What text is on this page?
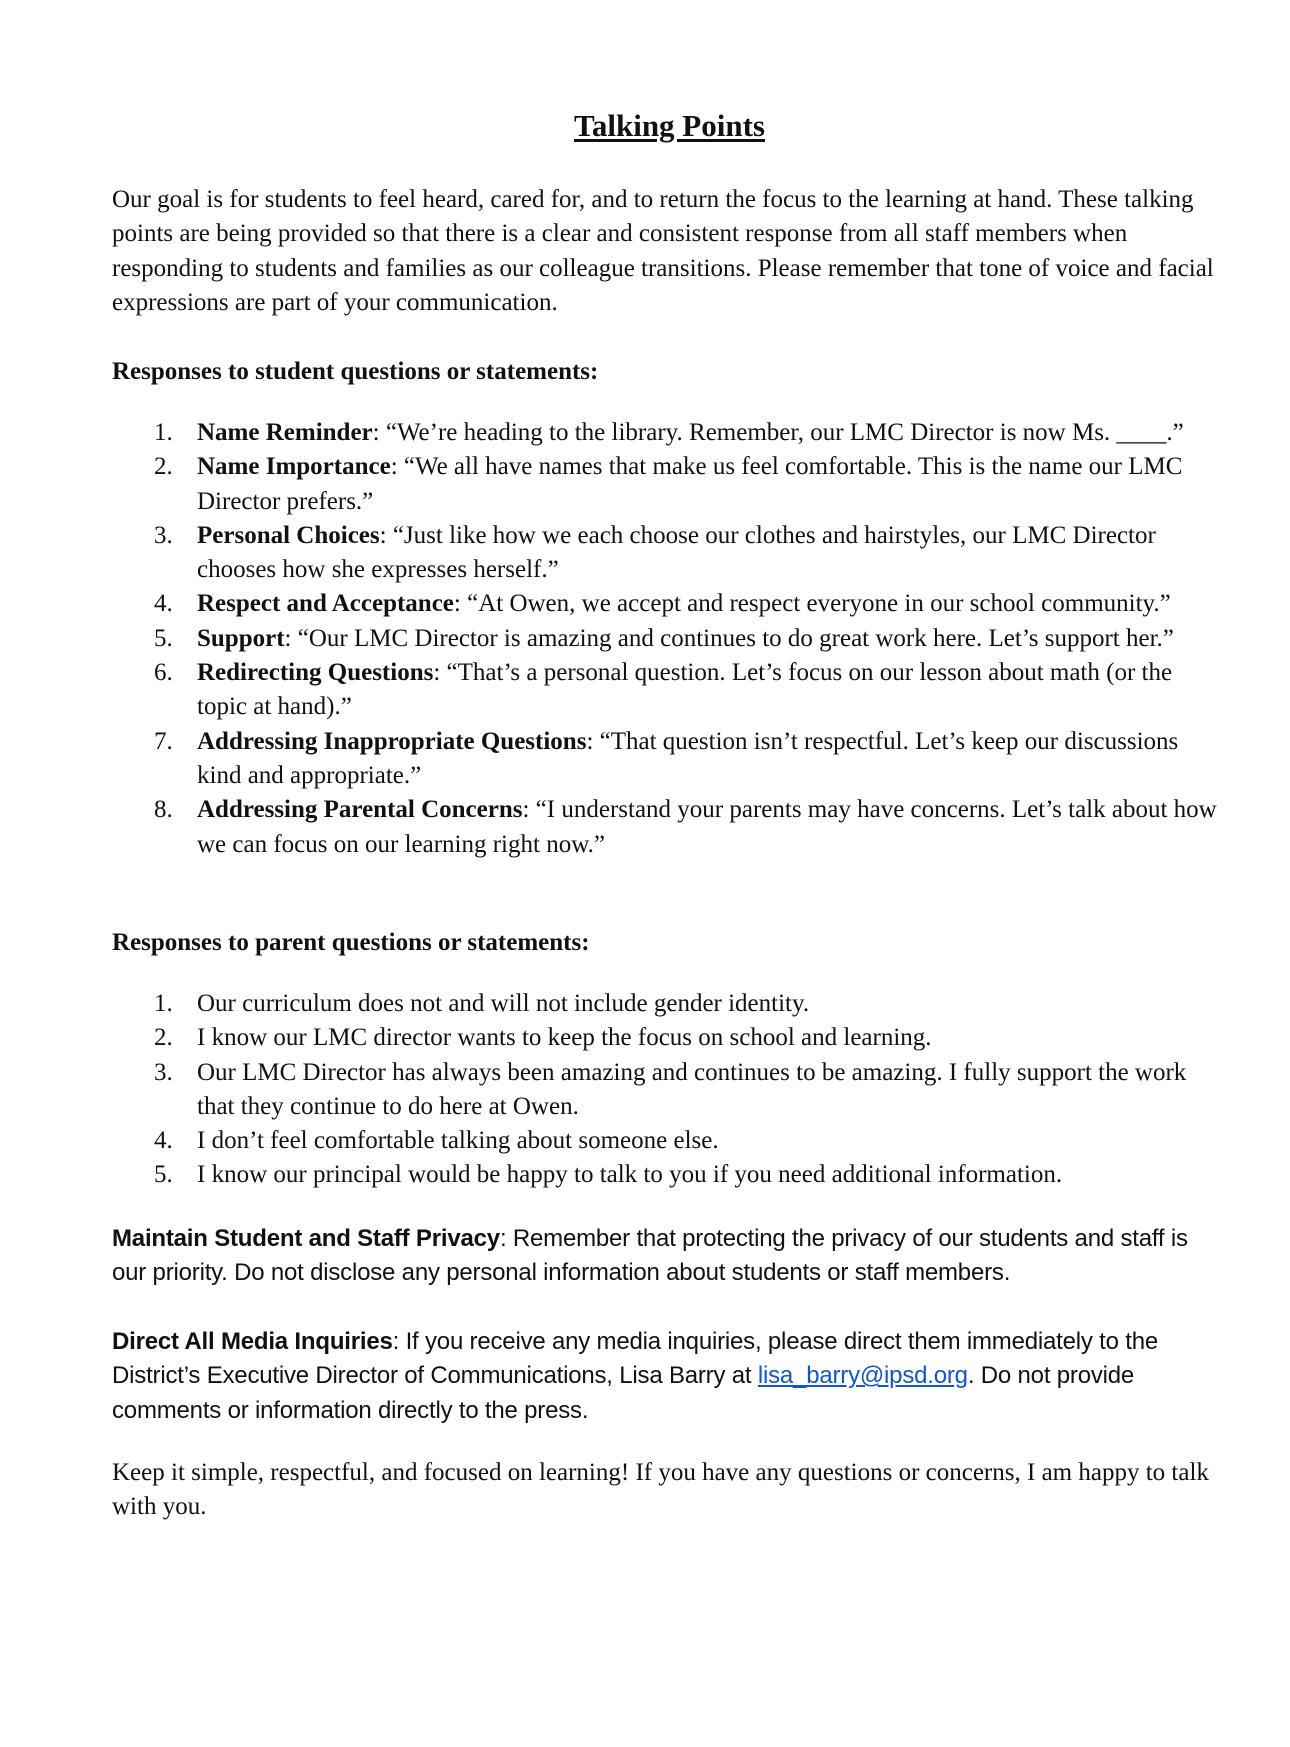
Talking Points

Our goal is for students to feel heard, cared for, and to return the focus to the learning at hand. These talking points are being provided so that there is a clear and consistent response from all staff members when responding to students and families as our colleague transitions. Please remember that tone of voice and facial expressions are part of your communication.

Responses to student questions or statements:
1. Name Reminder: “We’re heading to the library. Remember, our LMC Director is now Ms. ____.”
2. Name Importance: “We all have names that make us feel comfortable. This is the name our LMC Director prefers.”
3. Personal Choices: “Just like how we each choose our clothes and hairstyles, our LMC Director chooses how she expresses herself.”
4. Respect and Acceptance: “At Owen, we accept and respect everyone in our school community.”
5. Support: “Our LMC Director is amazing and continues to do great work here. Let’s support her.”
6. Redirecting Questions: “That’s a personal question. Let’s focus on our lesson about math (or the topic at hand).”
7. Addressing Inappropriate Questions: “That question isn’t respectful. Let’s keep our discussions kind and appropriate.”
8. Addressing Parental Concerns: “I understand your parents may have concerns. Let’s talk about how we can focus on our learning right now.”
Responses to parent questions or statements:
1. Our curriculum does not and will not include gender identity.
2. I know our LMC director wants to keep the focus on school and learning.
3. Our LMC Director has always been amazing and continues to be amazing. I fully support the work that they continue to do here at Owen.
4. I don’t feel comfortable talking about someone else.
5. I know our principal would be happy to talk to you if you need additional information.

Maintain Student and Staff Privacy: Remember that protecting the privacy of our students and staff is our priority. Do not disclose any personal information about students or staff members.

Direct All Media Inquiries: If you receive any media inquiries, please direct them immediately to the District’s Executive Director of Communications, Lisa Barry at lisa_barry@ipsd.org. Do not provide comments or information directly to the press.

Keep it simple, respectful, and focused on learning! If you have any questions or concerns, I am happy to talk with you.
